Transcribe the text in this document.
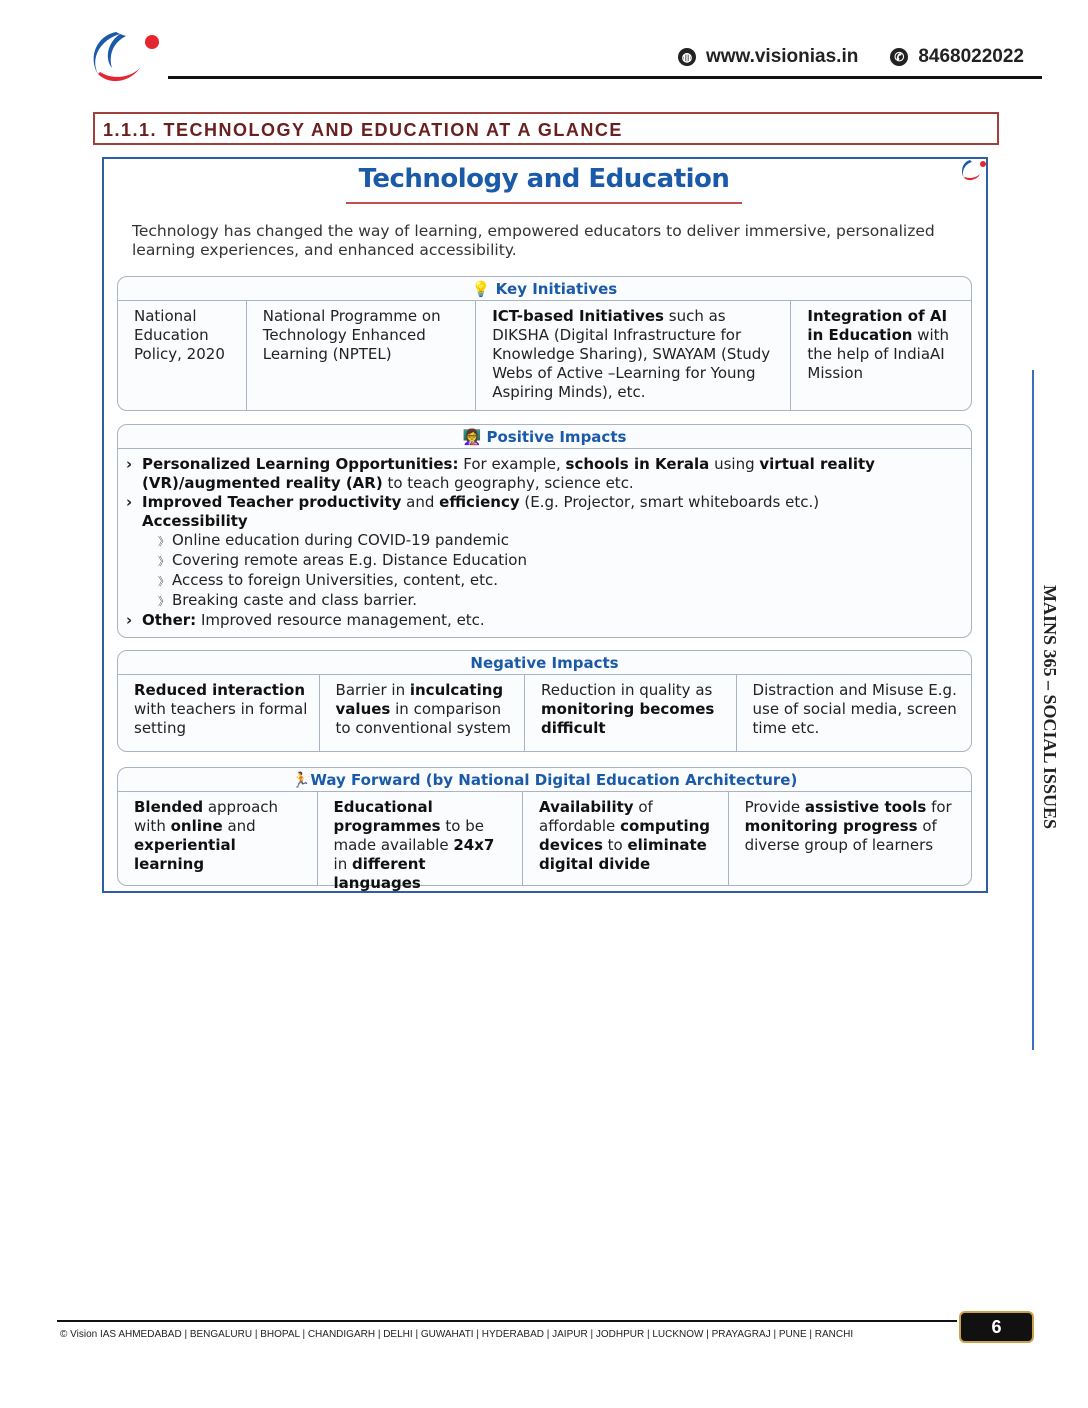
◍ www.visionias.in	✆ 8468022022
1.1.1. TECHNOLOGY AND EDUCATION AT A GLANCE
Technology and Education
Technology has changed the way of learning, empowered educators to deliver immersive, personalized learning experiences, and enhanced accessibility.
💡 Key Initiatives
National Education Policy, 2020
National Programme on Technology Enhanced Learning (NPTEL)
ICT-based Initiatives such as DIKSHA (Digital Infrastructure for Knowledge Sharing), SWAYAM (Study Webs of Active –Learning for Young Aspiring Minds), etc.
Integration of AI in Education with the help of IndiaAI Mission
👩‍🏫 Positive Impacts
› Personalized Learning Opportunities: For example, schools in Kerala using virtual reality (VR)/augmented reality (AR) to teach geography, science etc.
› Improved Teacher productivity and efficiency (E.g. Projector, smart whiteboards etc.)
Accessibility
》 Online education during COVID-19 pandemic
》 Covering remote areas E.g. Distance Education
》 Access to foreign Universities, content, etc.
》 Breaking caste and class barrier.
› Other: Improved resource management, etc.
Negative Impacts
Reduced interaction with teachers in formal setting
Barrier in inculcating values in comparison to conventional system
Reduction in quality as monitoring becomes difficult
Distraction and Misuse E.g. use of social media, screen time etc.
🏃Way Forward (by National Digital Education Architecture)
Blended approach with online and experiential learning
Educational programmes to be made available 24x7 in different languages
Availability of affordable computing devices to eliminate digital divide
Provide assistive tools for monitoring progress of diverse group of learners
MAINS 365 – SOCIAL ISSUES
© Vision IAS AHMEDABAD | BENGALURU | BHOPAL | CHANDIGARH | DELHI | GUWAHATI | HYDERABAD | JAIPUR | JODHPUR | LUCKNOW | PRAYAGRAJ | PUNE | RANCHI	6
